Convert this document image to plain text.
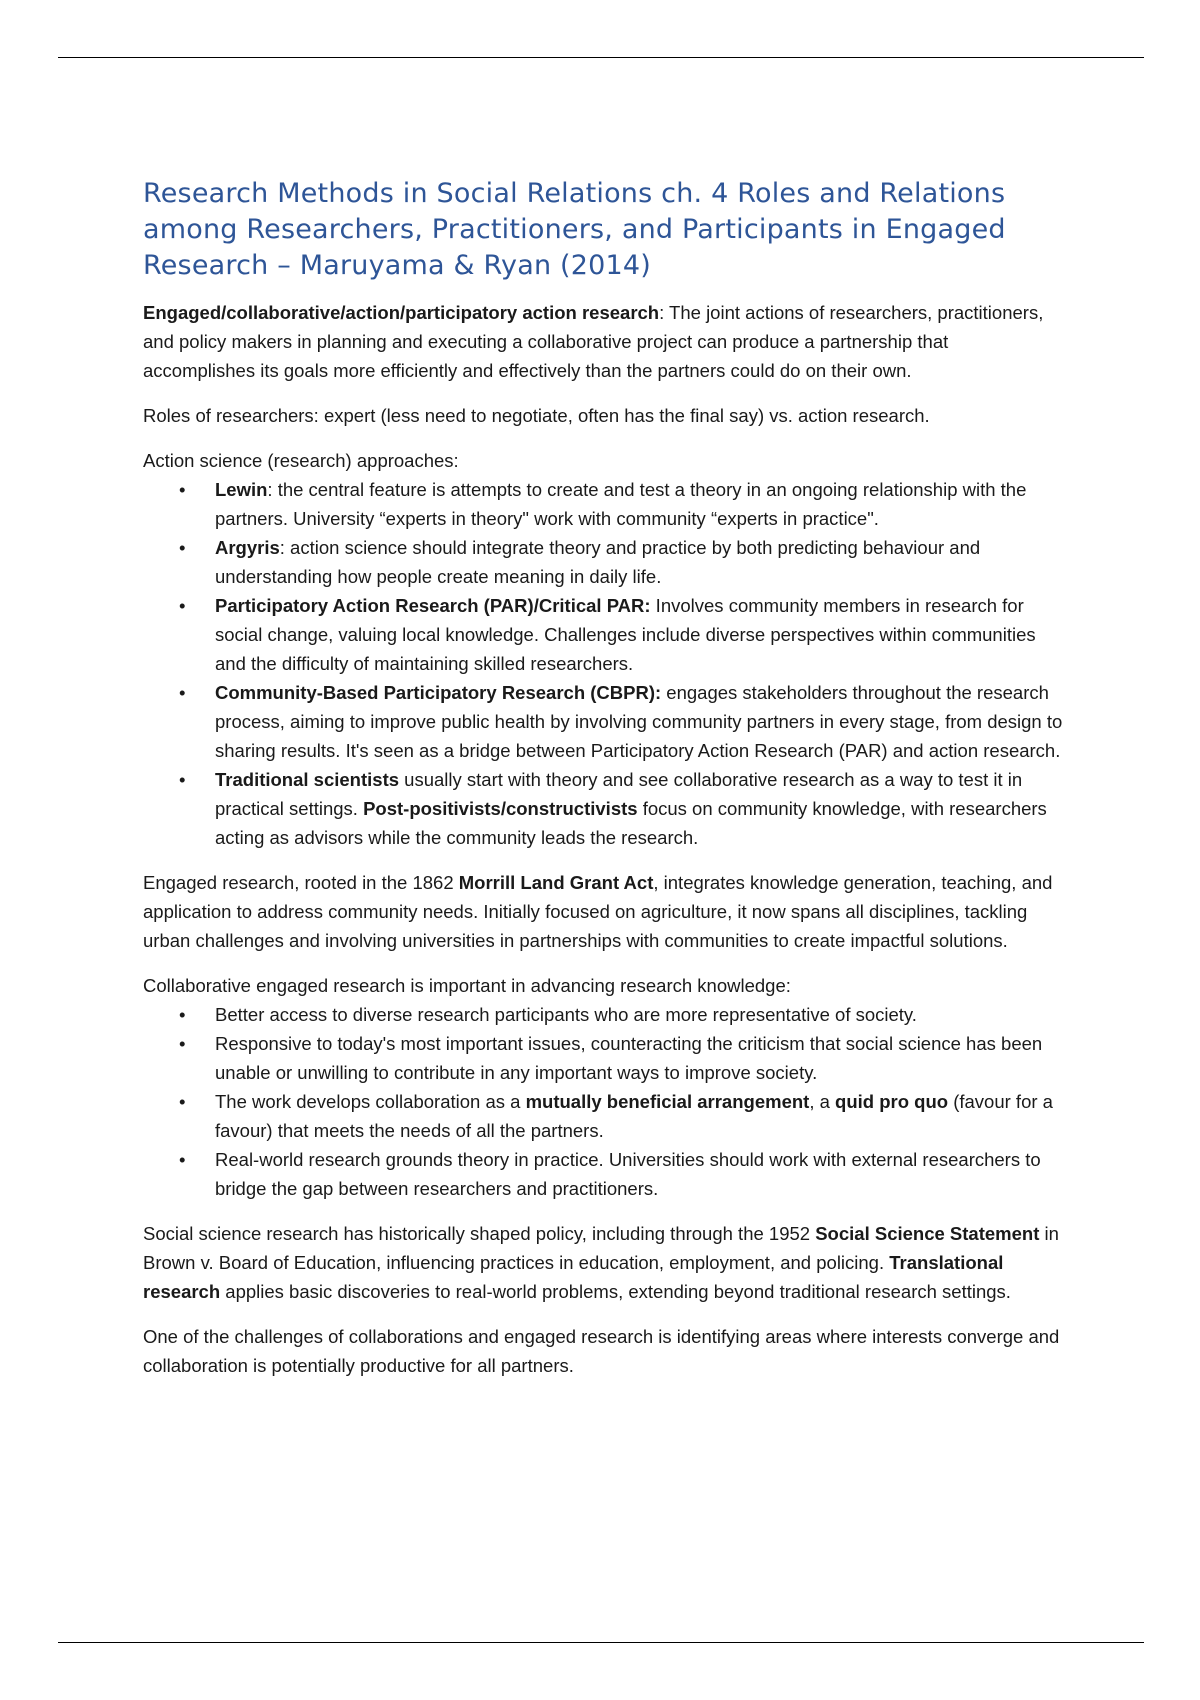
Research Methods in Social Relations ch. 4 Roles and Relations among Researchers, Practitioners, and Participants in Engaged Research – Maruyama & Ryan (2014)

Engaged/collaborative/action/participatory action research: The joint actions of researchers, practitioners, and policy makers in planning and executing a collaborative project can produce a partnership that accomplishes its goals more efficiently and effectively than the partners could do on their own.

Roles of researchers: expert (less need to negotiate, often has the final say) vs. action research.

Action science (research) approaches:

• Lewin: the central feature is attempts to create and test a theory in an ongoing relationship with the partners. University “experts in theory" work with community “experts in practice".
• Argyris: action science should integrate theory and practice by both predicting behaviour and understanding how people create meaning in daily life.
• Participatory Action Research (PAR)/Critical PAR: Involves community members in research for social change, valuing local knowledge. Challenges include diverse perspectives within communities and the difficulty of maintaining skilled researchers.
• Community-Based Participatory Research (CBPR): engages stakeholders throughout the research process, aiming to improve public health by involving community partners in every stage, from design to sharing results. It's seen as a bridge between Participatory Action Research (PAR) and action research.
• Traditional scientists usually start with theory and see collaborative research as a way to test it in practical settings. Post-positivists/constructivists focus on community knowledge, with researchers acting as advisors while the community leads the research.

Engaged research, rooted in the 1862 Morrill Land Grant Act, integrates knowledge generation, teaching, and application to address community needs. Initially focused on agriculture, it now spans all disciplines, tackling urban challenges and involving universities in partnerships with communities to create impactful solutions.

Collaborative engaged research is important in advancing research knowledge:

• Better access to diverse research participants who are more representative of society.
• Responsive to today's most important issues, counteracting the criticism that social science has been unable or unwilling to contribute in any important ways to improve society.
• The work develops collaboration as a mutually beneficial arrangement, a quid pro quo (favour for a favour) that meets the needs of all the partners.
• Real-world research grounds theory in practice. Universities should work with external researchers to bridge the gap between researchers and practitioners.

Social science research has historically shaped policy, including through the 1952 Social Science Statement in Brown v. Board of Education, influencing practices in education, employment, and policing. Translational research applies basic discoveries to real-world problems, extending beyond traditional research settings.

One of the challenges of collaborations and engaged research is identifying areas where interests converge and collaboration is potentially productive for all partners.
